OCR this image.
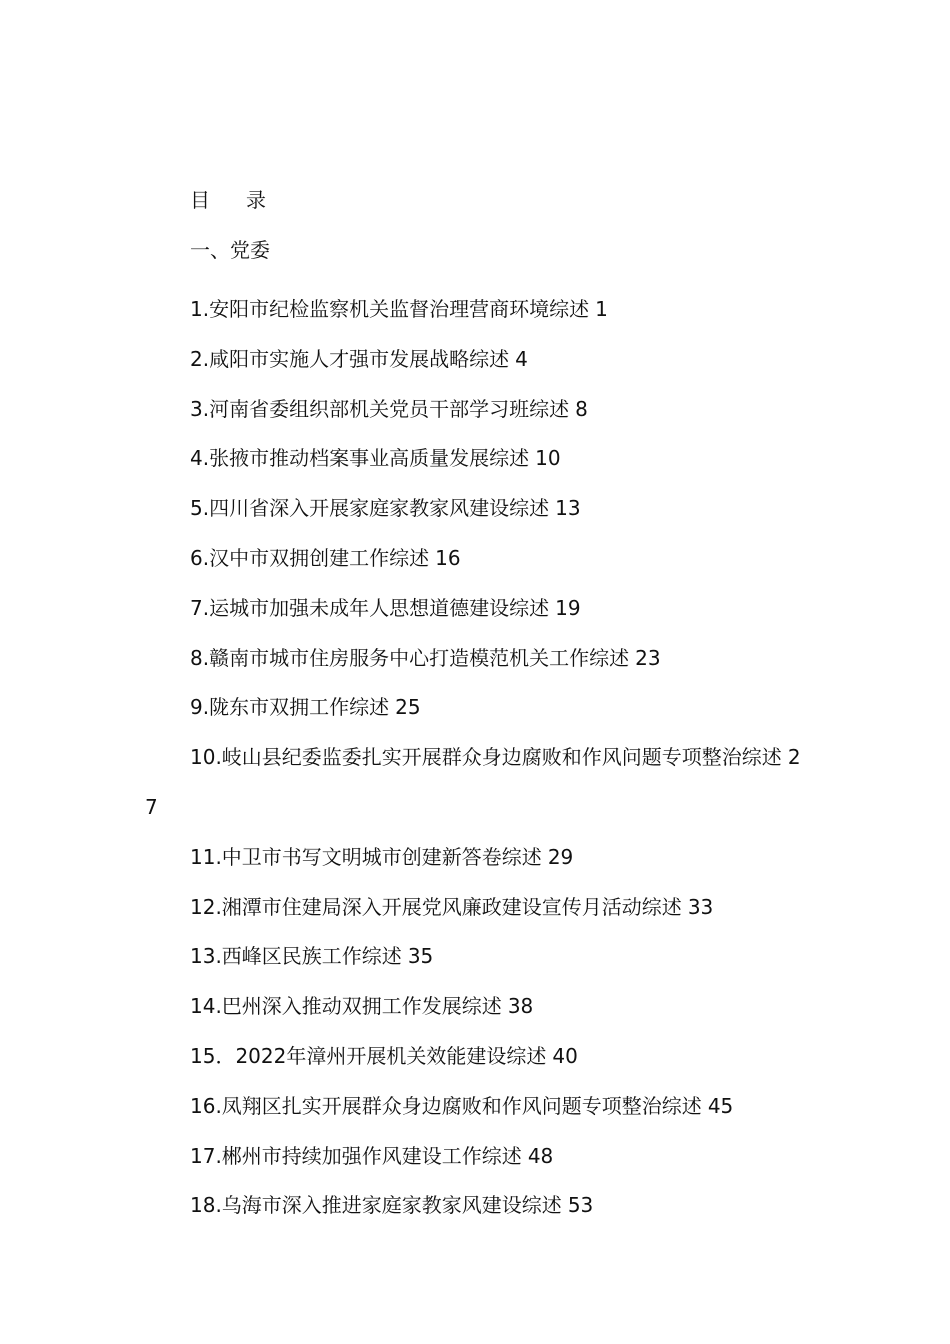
目 录
一、党委
1.安阳市纪检监察机关监督治理营商环境综述 1
2.咸阳市实施人才强市发展战略综述 4
3.河南省委组织部机关党员干部学习班综述 8
4.张掖市推动档案事业高质量发展综述 10
5.四川省深入开展家庭家教家风建设综述 13
6.汉中市双拥创建工作综述 16
7.运城市加强未成年人思想道德建设综述 19
8.赣南市城市住房服务中心打造模范机关工作综述 23
9.陇东市双拥工作综述 25
10.岐山县纪委监委扎实开展群众身边腐败和作风问题专项整治综述 27
11.中卫市书写文明城市创建新答卷综述 29
12.湘潭市住建局深入开展党风廉政建设宣传月活动综述 33
13.西峰区民族工作综述 35
14.巴州深入推动双拥工作发展综述 38
15．2022年漳州开展机关效能建设综述 40
16.凤翔区扎实开展群众身边腐败和作风问题专项整治综述 45
17.郴州市持续加强作风建设工作综述 48
18.乌海市深入推进家庭家教家风建设综述 53
